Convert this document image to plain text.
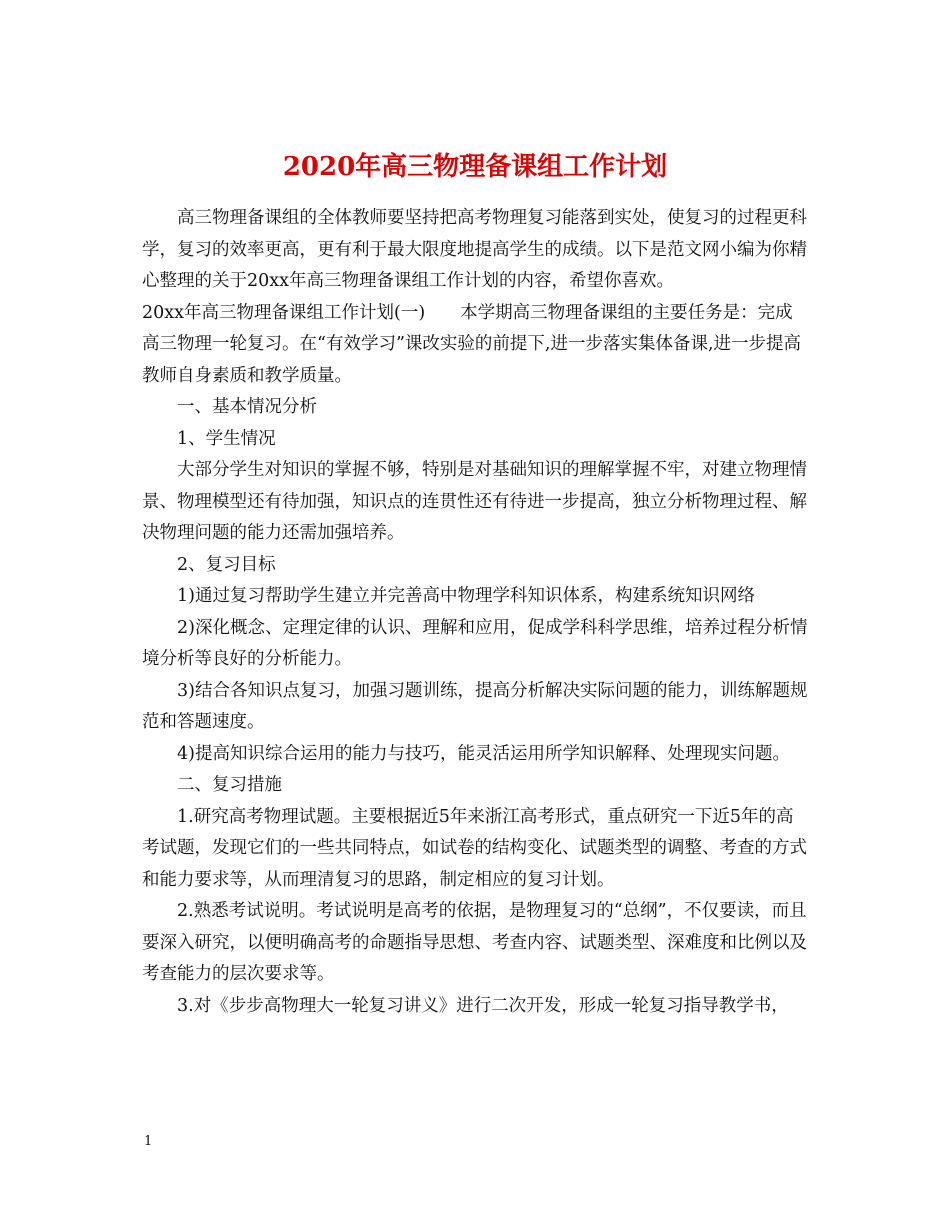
2020年高三物理备课组工作计划

高三物理备课组的全体教师要坚持把高考物理复习能落到实处，使复习的过程更科学，复习的效率更高，更有利于最大限度地提高学生的成绩。以下是范文网小编为你精心整理的关于20xx年高三物理备课组工作计划的内容，希望你喜欢。

20xx年高三物理备课组工作计划(一)　　本学期高三物理备课组的主要任务是：完成高三物理一轮复习。在“有效学习”课改实验的前提下,进一步落实集体备课,进一步提高教师自身素质和教学质量。

一、基本情况分析

1、学生情况

大部分学生对知识的掌握不够，特别是对基础知识的理解掌握不牢，对建立物理情景、物理模型还有待加强，知识点的连贯性还有待进一步提高，独立分析物理过程、解决物理问题的能力还需加强培养。

2、复习目标

1)通过复习帮助学生建立并完善高中物理学科知识体系，构建系统知识网络

2)深化概念、定理定律的认识、理解和应用，促成学科科学思维，培养过程分析情境分析等良好的分析能力。

3)结合各知识点复习，加强习题训练，提高分析解决实际问题的能力，训练解题规范和答题速度。

4)提高知识综合运用的能力与技巧，能灵活运用所学知识解释、处理现实问题。

二、复习措施

1.研究高考物理试题。主要根据近5年来浙江高考形式，重点研究一下近5年的高考试题，发现它们的一些共同特点，如试卷的结构变化、试题类型的调整、考查的方式和能力要求等，从而理清复习的思路，制定相应的复习计划。

2.熟悉考试说明。考试说明是高考的依据，是物理复习的“总纲”，不仅要读，而且要深入研究，以便明确高考的命题指导思想、考查内容、试题类型、深难度和比例以及考查能力的层次要求等。

3.对《步步高物理大一轮复习讲义》进行二次开发，形成一轮复习指导教学书，

1
